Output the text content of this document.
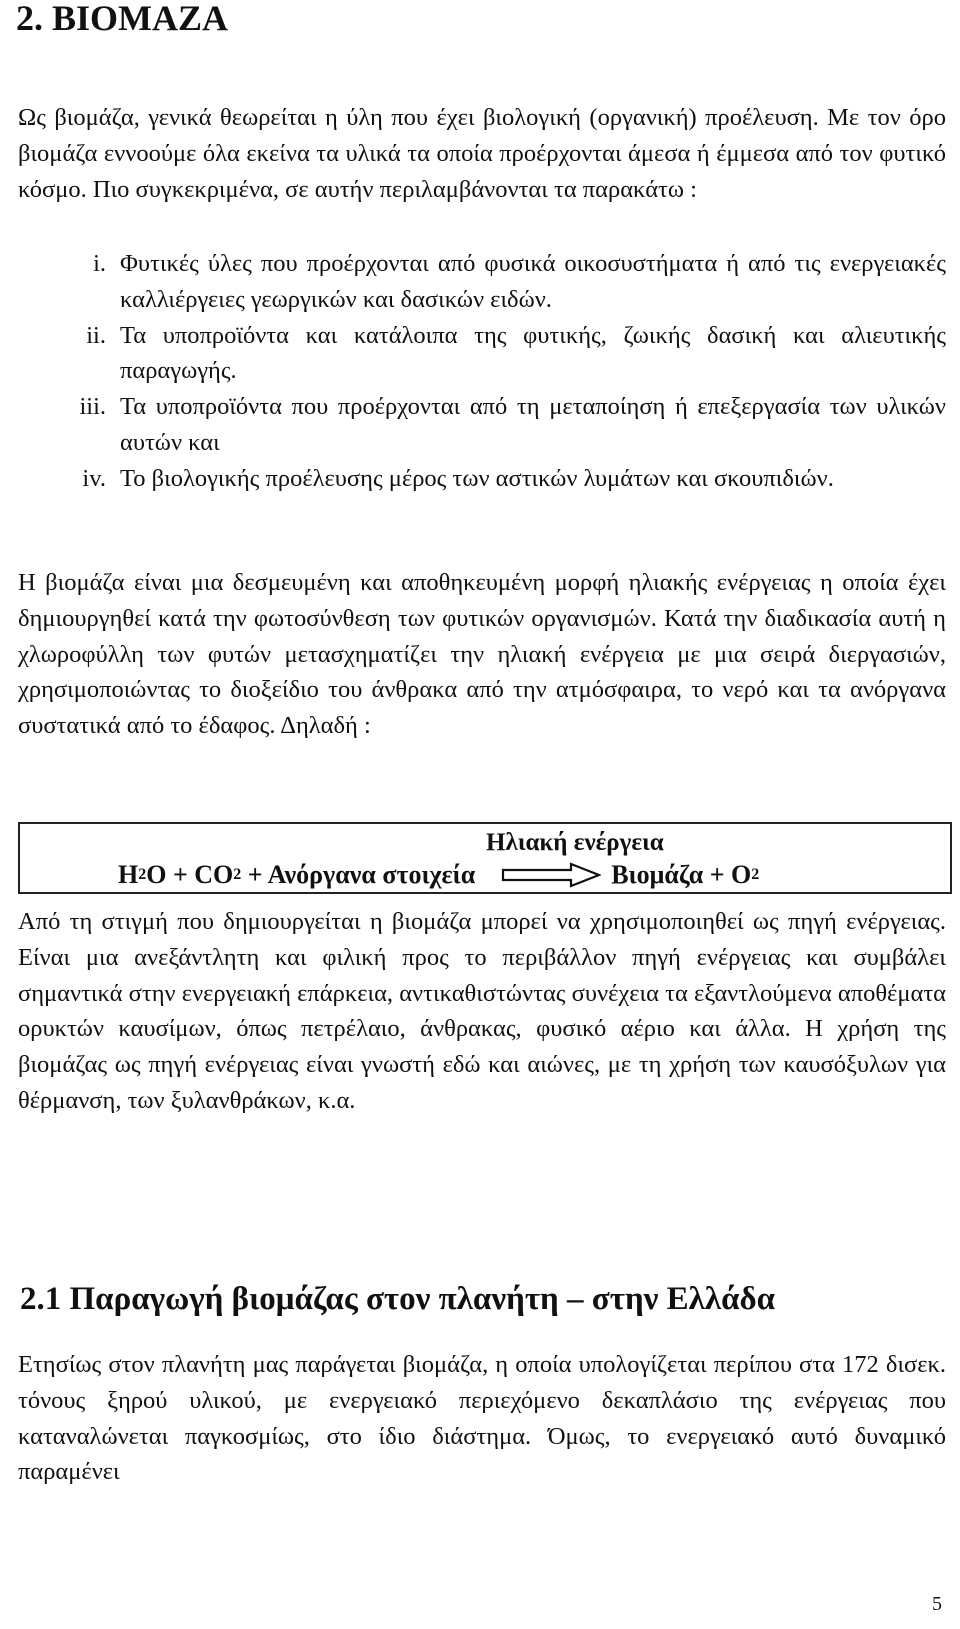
2. ΒΙΟΜΑΖΑ

Ως βιομάζα, γενικά θεωρείται η ύλη που έχει βιολογική (οργανική) προέλευση. Με τον όρο βιομάζα εννοούμε όλα εκείνα τα υλικά τα οποία προέρχονται άμεσα ή έμμεσα από τον φυτικό κόσμο. Πιο συγκεκριμένα, σε αυτήν περιλαμβάνονται τα παρακάτω :

i. Φυτικές ύλες που προέρχονται από φυσικά οικοσυστήματα ή από τις ενεργειακές καλλιέργειες γεωργικών και δασικών ειδών.
ii. Τα υποπροϊόντα και κατάλοιπα της φυτικής, ζωικής δασική και αλιευτικής παραγωγής.
iii. Τα υποπροϊόντα που προέρχονται από τη μεταποίηση ή επεξεργασία των υλικών αυτών και
iv. Το βιολογικής προέλευσης μέρος των αστικών λυμάτων και σκουπιδιών.

Η βιομάζα είναι μια δεσμευμένη και αποθηκευμένη μορφή ηλιακής ενέργειας η οποία έχει δημιουργηθεί κατά την φωτοσύνθεση των φυτικών οργανισμών. Κατά την διαδικασία αυτή η χλωροφύλλη των φυτών μετασχηματίζει την ηλιακή ενέργεια με μια σειρά διεργασιών, χρησιμοποιώντας το διοξείδιο του άνθρακα από την ατμόσφαιρα, το νερό και τα ανόργανα συστατικά από το έδαφος. Δηλαδή :

Ηλιακή ενέργεια
H 2 O + CO 2 + Ανόργανα στοιχεία	Βιομάζα + O 2

Από τη στιγμή που δημιουργείται η βιομάζα μπορεί να χρησιμοποιηθεί ως πηγή ενέργειας. Είναι μια ανεξάντλητη και φιλική προς το περιβάλλον πηγή ενέργειας και συμβάλει σημαντικά στην ενεργειακή επάρκεια, αντικαθιστώντας συνέχεια τα εξαντλούμενα αποθέματα ορυκτών καυσίμων, όπως πετρέλαιο, άνθρακας, φυσικό αέριο και άλλα. Η χρήση της βιομάζας ως πηγή ενέργειας είναι γνωστή εδώ και αιώνες, με τη χρήση των καυσόξυλων για θέρμανση, των ξυλανθράκων, κ.α.

2.1 Παραγωγή βιομάζας στον πλανήτη – στην Ελλάδα

Ετησίως στον πλανήτη μας παράγεται βιομάζα, η οποία υπολογίζεται περίπου στα 172 δισεκ. τόνους ξηρού υλικού, με ενεργειακό περιεχόμενο δεκαπλάσιο της ενέργειας που καταναλώνεται παγκοσμίως, στο ίδιο διάστημα. Όμως, το ενεργειακό αυτό δυναμικό παραμένει

5
